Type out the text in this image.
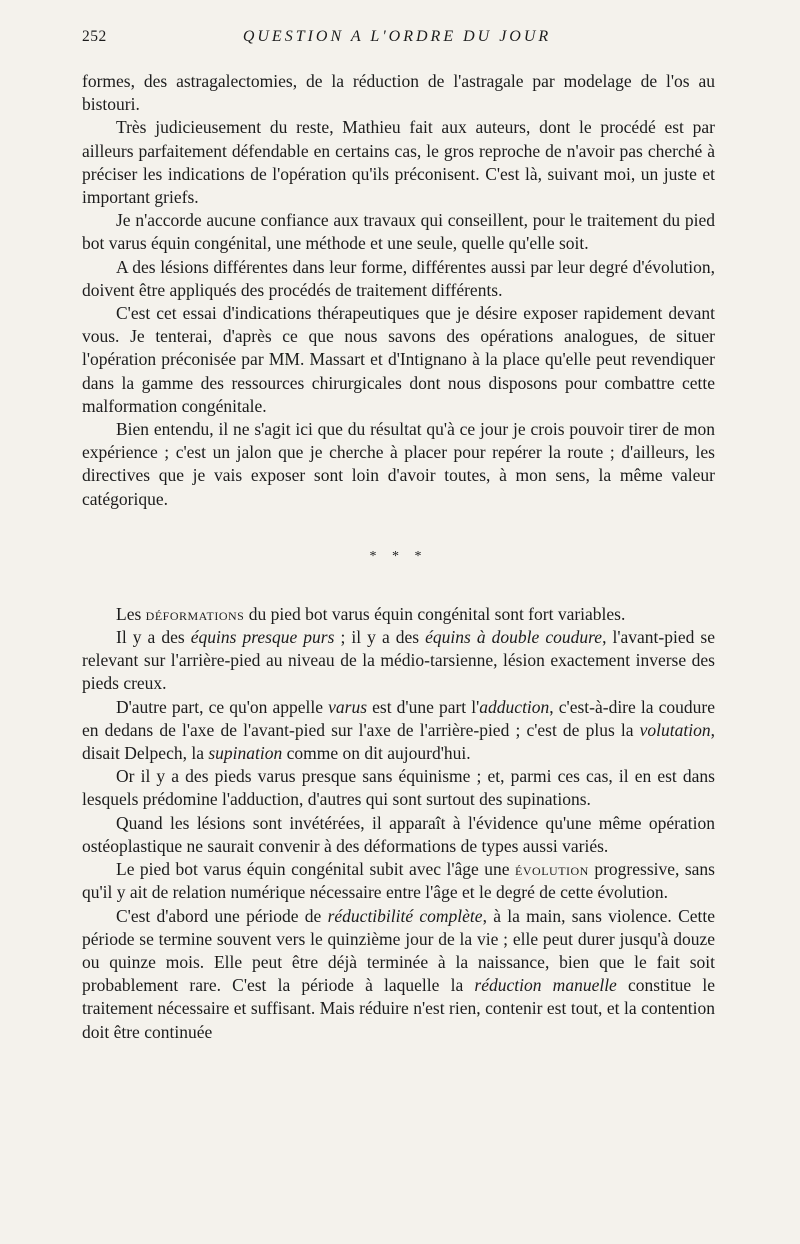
252	QUESTION A L'ORDRE DU JOUR

formes, des astragalectomies, de la réduction de l'astragale par modelage de l'os au bistouri.

Très judicieusement du reste, Mathieu fait aux auteurs, dont le procédé est par ailleurs parfaitement défendable en certains cas, le gros reproche de n'avoir pas cherché à préciser les indications de l'opération qu'ils préconisent. C'est là, suivant moi, un juste et important griefs.

Je n'accorde aucune confiance aux travaux qui conseillent, pour le traitement du pied bot varus équin congénital, une méthode et une seule, quelle qu'elle soit.

A des lésions différentes dans leur forme, différentes aussi par leur degré d'évolution, doivent être appliqués des procédés de traitement différents.

C'est cet essai d'indications thérapeutiques que je désire exposer rapidement devant vous. Je tenterai, d'après ce que nous savons des opérations analogues, de situer l'opération préconisée par MM. Massart et d'Intignano à la place qu'elle peut revendiquer dans la gamme des ressources chirurgicales dont nous disposons pour combattre cette malformation congénitale.

Bien entendu, il ne s'agit ici que du résultat qu'à ce jour je crois pouvoir tirer de mon expérience ; c'est un jalon que je cherche à placer pour repérer la route ; d'ailleurs, les directives que je vais exposer sont loin d'avoir toutes, à mon sens, la même valeur catégorique.

* * *

Les déformations du pied bot varus équin congénital sont fort variables.

Il y a des équins presque purs ; il y a des équins à double coudure, l'avant-pied se relevant sur l'arrière-pied au niveau de la médio-tarsienne, lésion exactement inverse des pieds creux.

D'autre part, ce qu'on appelle varus est d'une part l'adduction, c'est-à-dire la coudure en dedans de l'axe de l'avant-pied sur l'axe de l'arrière-pied ; c'est de plus la volutation, disait Delpech, la supination comme on dit aujourd'hui.

Or il y a des pieds varus presque sans équinisme ; et, parmi ces cas, il en est dans lesquels prédomine l'adduction, d'autres qui sont surtout des supinations.

Quand les lésions sont invétérées, il apparaît à l'évidence qu'une même opération ostéoplastique ne saurait convenir à des déformations de types aussi variés.

Le pied bot varus équin congénital subit avec l'âge une évolution progressive, sans qu'il y ait de relation numérique nécessaire entre l'âge et le degré de cette évolution.

C'est d'abord une période de réductibilité complète, à la main, sans violence. Cette période se termine souvent vers le quinzième jour de la vie ; elle peut durer jusqu'à douze ou quinze mois. Elle peut être déjà terminée à la naissance, bien que le fait soit probablement rare. C'est la période à laquelle la réduction manuelle constitue le traitement nécessaire et suffisant. Mais réduire n'est rien, contenir est tout, et la contention doit être continuée
